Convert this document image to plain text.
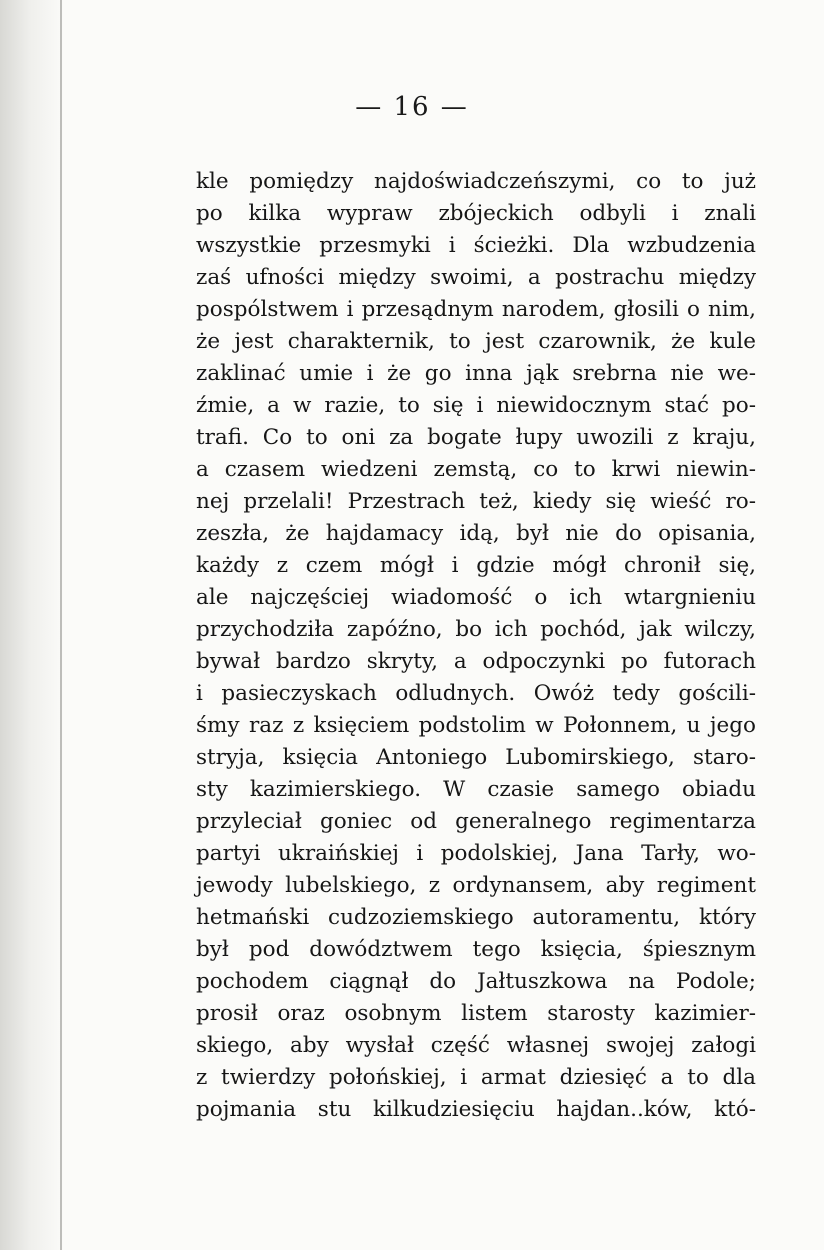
— 16 —
kle pomiędzy najdoświadczeńszymi, co to już
po kilka wypraw zbójeckich odbyli i znali
wszystkie przesmyki i ścieżki. Dla wzbudzenia
zaś ufności między swoimi, a postrachu między
pospólstwem i przesądnym narodem, głosili o nim,
że jest charakternik, to jest czarownik, że kule
zaklinać umie i że go inna jąk srebrna nie we-
źmie, a w razie, to się i niewidocznym stać po-
trafi. Co to oni za bogate łupy uwozili z kraju,
a czasem wiedzeni zemstą, co to krwi niewin-
nej przelali! Przestrach też, kiedy się wieść ro-
zeszła, że hajdamacy idą, był nie do opisania,
każdy z czem mógł i gdzie mógł chronił się,
ale najczęściej wiadomość o ich wtargnieniu
przychodziła zapóźno, bo ich pochód, jak wilczy,
bywał bardzo skryty, a odpoczynki po futorach
i pasieczyskach odludnych. Owóż tedy gościli-
śmy raz z księciem podstolim w Połonnem, u jego
stryja, księcia Antoniego Lubomirskiego, staro-
sty kazimierskiego. W czasie samego obiadu
przyleciał goniec od generalnego regimentarza
partyi ukraińskiej i podolskiej, Jana Tarły, wo-
jewody lubelskiego, z ordynansem, aby regiment
hetmański cudzoziemskiego autoramentu, który
był pod dowództwem tego księcia, śpiesznym
pochodem ciągnął do Jałtuszkowa na Podole;
prosił oraz osobnym listem starosty kazimier-
skiego, aby wysłał część własnej swojej załogi
z twierdzy połońskiej, i armat dziesięć a to dla
pojmania stu kilkudziesięciu hajdan..ków, któ-
